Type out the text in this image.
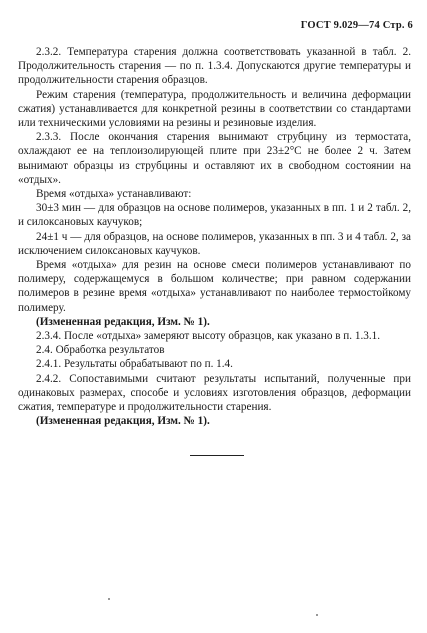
ГОСТ 9.029—74 Стр. 6

2.3.2. Температура старения должна соответствовать указанной в табл. 2. Продолжительность старения — по п. 1.3.4. Допускаются другие температуры и продолжительности старения образцов.

Режим старения (температура, продолжительность и величина деформации сжатия) устанавливается для конкретной резины в соответствии со стандартами или техническими условиями на резины и резиновые изделия.

2.3.3. После окончания старения вынимают струбцину из термостата, охлаждают ее на теплоизолирующей плите при 23±2°С не более 2 ч. Затем вынимают образцы из струбцины и оставляют их в свободном состоянии на «отдых».

Время «отдыха» устанавливают:

30±3 мин — для образцов на основе полимеров, указанных в пп. 1 и 2 табл. 2, и силоксановых каучуков;

24±1 ч — для образцов, на основе полимеров, указанных в пп. 3 и 4 табл. 2, за исключением силоксановых каучуков.

Время «отдыха» для резин на основе смеси полимеров устанавливают по полимеру, содержащемуся в большом количестве; при равном содержании полимеров в резине время «отдыха» устанавливают по наиболее термостойкому полимеру.

(Измененная редакция, Изм. № 1).

2.3.4. После «отдыха» замеряют высоту образцов, как указано в п. 1.3.1.

2.4. Обработка результатов

2.4.1. Результаты обрабатывают по п. 1.4.

2.4.2. Сопоставимыми считают результаты испытаний, полученные при одинаковых размерах, способе и условиях изготовления образцов, деформации сжатия, температуре и продолжительности старения.

(Измененная редакция, Изм. № 1).
